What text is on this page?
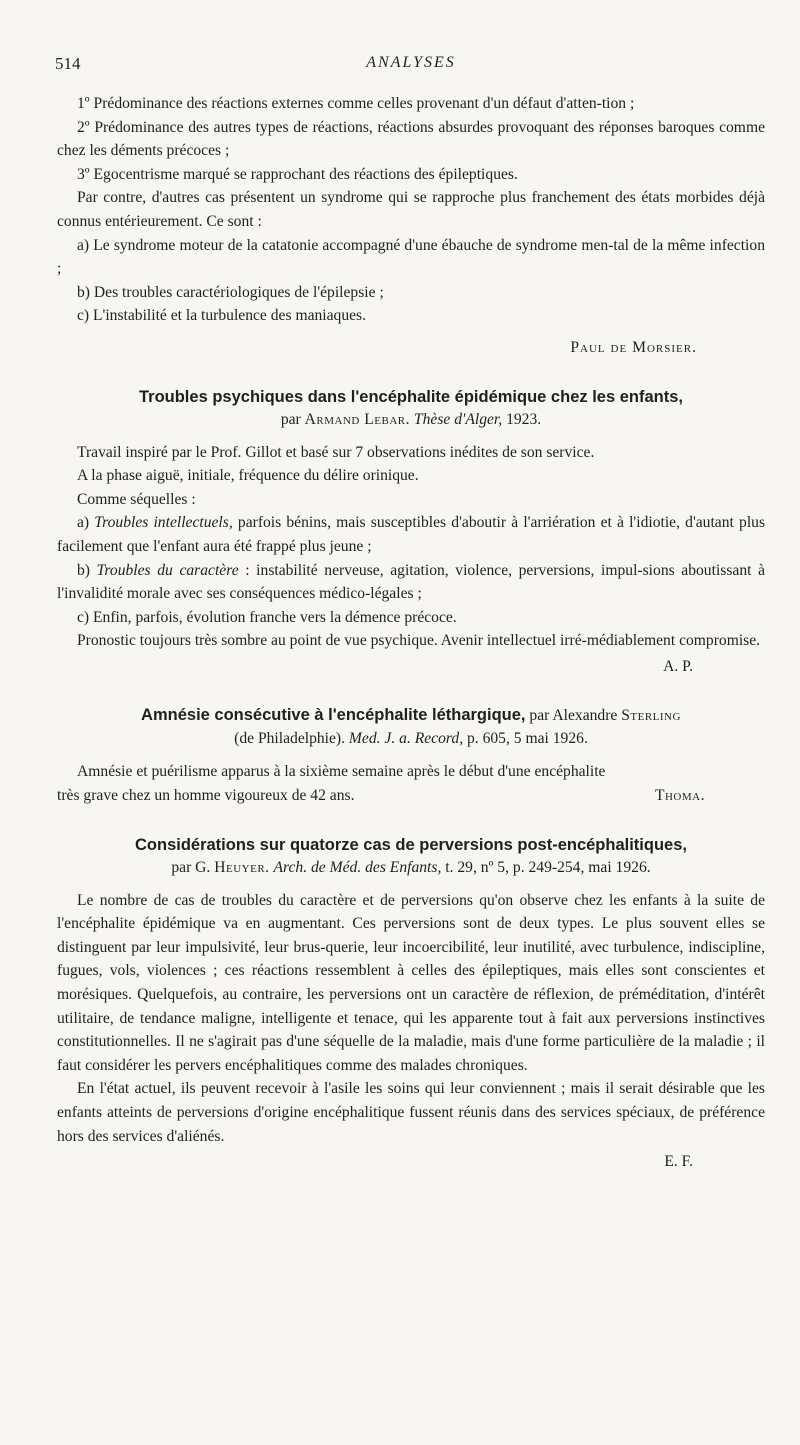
514	ANALYSES

1º Prédominance des réactions externes comme celles provenant d'un défaut d'atten-tion ;

2º Prédominance des autres types de réactions, réactions absurdes provoquant des réponses baroques comme chez les déments précoces ;

3º Egocentrisme marqué se rapprochant des réactions des épileptiques.

Par contre, d'autres cas présentent un syndrome qui se rapproche plus franchement des états morbides déjà connus entérieurement. Ce sont :

a) Le syndrome moteur de la catatonie accompagné d'une ébauche de syndrome men-tal de la même infection ;

b) Des troubles caractériologiques de l'épilepsie ;

c) L'instabilité et la turbulence des maniaques.

Paul de Morsier.

Troubles psychiques dans l'encéphalite épidémique chez les enfants,

par Armand Lebar. Thèse d'Alger, 1923.

Travail inspiré par le Prof. Gillot et basé sur 7 observations inédites de son service.

A la phase aiguë, initiale, fréquence du délire orinique.

Comme séquelles :

a) Troubles intellectuels, parfois bénins, mais susceptibles d'aboutir à l'arriération et à l'idiotie, d'autant plus facilement que l'enfant aura été frappé plus jeune ;

b) Troubles du caractère : instabilité nerveuse, agitation, violence, perversions, impul-sions aboutissant à l'invalidité morale avec ses conséquences médico-légales ;

c) Enfin, parfois, évolution franche vers la démence précoce.

Pronostic toujours très sombre au point de vue psychique. Avenir intellectuel irré-médiablement compromise.

A. P.

Amnésie consécutive à l'encéphalite léthargique, par Alexandre Sterling

(de Philadelphie). Med. J. a. Record, p. 605, 5 mai 1926.

Amnésie et puérilisme apparus à la sixième semaine après le début d'une encéphalite

très grave chez un homme vigoureux de 42 ans.	Thoma.

Considérations sur quatorze cas de perversions post-encéphalitiques,

par G. Heuyer. Arch. de Méd. des Enfants, t. 29, nº 5, p. 249-254, mai 1926.

Le nombre de cas de troubles du caractère et de perversions qu'on observe chez les enfants à la suite de l'encéphalite épidémique va en augmentant. Ces perversions sont de deux types. Le plus souvent elles se distinguent par leur impulsivité, leur brus-querie, leur incoercibilité, leur inutilité, avec turbulence, indiscipline, fugues, vols, violences ; ces réactions ressemblent à celles des épileptiques, mais elles sont conscientes et morésiques. Quelquefois, au contraire, les perversions ont un caractère de réflexion, de préméditation, d'intérêt utilitaire, de tendance maligne, intelligente et tenace, qui les apparente tout à fait aux perversions instinctives constitutionnelles. Il ne s'agirait pas d'une séquelle de la maladie, mais d'une forme particulière de la maladie ; il faut considérer les pervers encéphalitiques comme des malades chroniques.

En l'état actuel, ils peuvent recevoir à l'asile les soins qui leur conviennent ; mais il serait désirable que les enfants atteints de perversions d'origine encéphalitique fussent réunis dans des services spéciaux, de préférence hors des services d'aliénés.

E. F.
